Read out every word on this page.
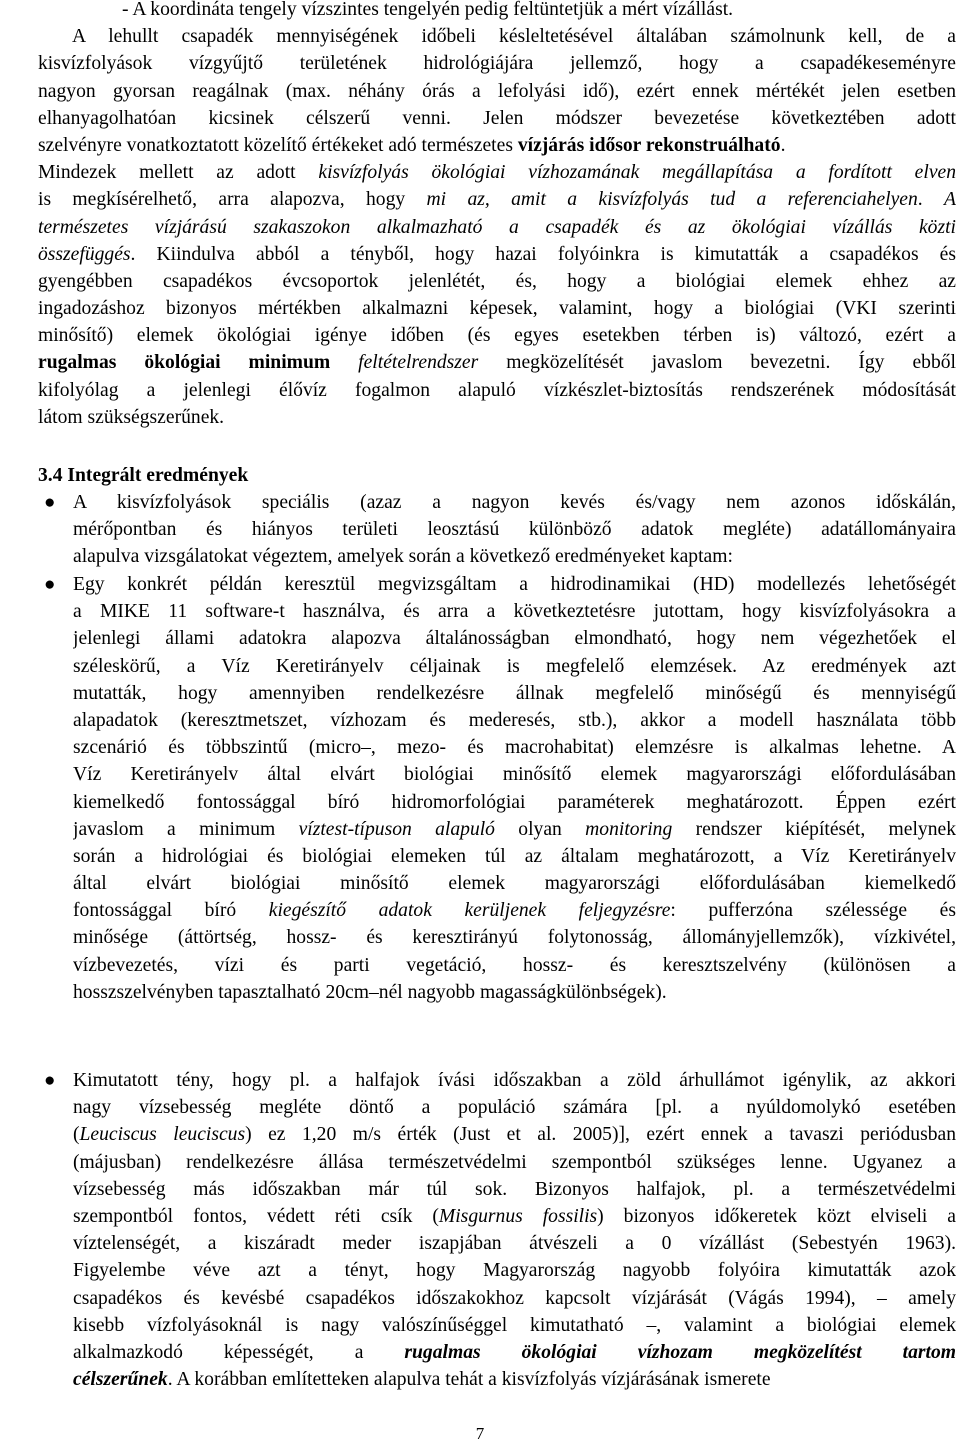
- A koordináta tengely vízszintes tengelyén pedig feltüntetjük a mért vízállást.
A lehullt csapadék mennyiségének időbeli késleltetésével általában számolnunk kell, de a
kisvízfolyások vízgyűjtő területének hidrológiájára jellemző, hogy a csapadékeseményre
nagyon gyorsan reagálnak (max. néhány órás a lefolyási idő), ezért ennek mértékét jelen esetben
elhanyagolhatóan kicsinek célszerű venni. Jelen módszer bevezetése következtében adott
szelvényre vonatkoztatott közelítő értékeket adó természetes vízjárás idősor rekonstruálható.
Mindezek mellett az adott kisvízfolyás ökológiai vízhozamának megállapítása a fordított elven
is megkísérelhető, arra alapozva, hogy mi az, amit a kisvízfolyás tud a referenciahelyen. A
természetes vízjárású szakaszokon alkalmazható a csapadék és az ökológiai vízállás közti
összefüggés. Kiindulva abból a tényből, hogy hazai folyóinkra is kimutatták a csapadékos és
gyengébben csapadékos évcsoportok jelenlétét, és, hogy a biológiai elemek ehhez az
ingadozáshoz bizonyos mértékben alkalmazni képesek, valamint, hogy a biológiai (VKI szerinti
minősítő) elemek ökológiai igénye időben (és egyes esetekben térben is) változó, ezért a
rugalmas ökológiai minimum feltételrendszer megközelítését javaslom bevezetni. Így ebből
kifolyólag a jelenlegi élővíz fogalmon alapuló vízkészlet-biztosítás rendszerének módosítását
látom szükségszerűnek.
3.4 Integrált eredmények
● A kisvízfolyások speciális (azaz a nagyon kevés és/vagy nem azonos időskálán,
mérőpontban és hiányos területi leosztású különböző adatok megléte) adatállományaira
alapulva vizsgálatokat végeztem, amelyek során a következő eredményeket kaptam:
● Egy konkrét példán keresztül megvizsgáltam a hidrodinamikai (HD) modellezés lehetőségét
a MIKE 11 software-t használva, és arra a következtetésre jutottam, hogy kisvízfolyásokra a
jelenlegi állami adatokra alapozva általánosságban elmondható, hogy nem végezhetőek el
széleskörű, a Víz Keretirányelv céljainak is megfelelő elemzések. Az eredmények azt
mutatták, hogy amennyiben rendelkezésre állnak megfelelő minőségű és mennyiségű
alapadatok (keresztmetszet, vízhozam és mederesés, stb.), akkor a modell használata több
szcenárió és többszintű (micro–, mezo- és macrohabitat) elemzésre is alkalmas lehetne. A
Víz Keretirányelv által elvárt biológiai minősítő elemek magyarországi előfordulásában
kiemelkedő fontossággal bíró hidromorfológiai paraméterek meghatározott. Éppen ezért
javaslom a minimum víztest-típuson alapuló olyan monitoring rendszer kiépítését, melynek
során a hidrológiai és biológiai elemeken túl az általam meghatározott, a Víz Keretirányelv
által elvárt biológiai minősítő elemek magyarországi előfordulásában kiemelkedő
fontossággal bíró kiegészítő adatok kerüljenek feljegyzésre: pufferzóna szélessége és
minősége (áttörtség, hossz- és keresztirányú folytonosság, állományjellemzők), vízkivétel,
vízbevezetés, vízi és parti vegetáció, hossz- és keresztszelvény (különösen a
hosszszelvényben tapasztalható 20cm–nél nagyobb magasságkülönbségek).
● Kimutatott tény, hogy pl. a halfajok ívási időszakban a zöld árhullámot igénylik, az akkori
nagy vízsebesség megléte döntő a populáció számára [pl. a nyúldomolykó esetében
(Leuciscus leuciscus) ez 1,20 m/s érték (Just et al. 2005)], ezért ennek a tavaszi periódusban
(májusban) rendelkezésre állása természetvédelmi szempontból szükséges lenne. Ugyanez a
vízsebesség más időszakban már túl sok. Bizonyos halfajok, pl. a természetvédelmi
szempontból fontos, védett réti csík (Misgurnus fossilis) bizonyos időkeretek közt elviseli a
víztelenségét, a kiszáradt meder iszapjában átvészeli a 0 vízállást (Sebestyén 1963).
Figyelembe véve azt a tényt, hogy Magyarország nagyobb folyóira kimutatták azok
csapadékos és kevésbé csapadékos időszakokhoz kapcsolt vízjárását (Vágás 1994), – amely
kisebb vízfolyásoknál is nagy valószínűséggel kimutatható –, valamint a biológiai elemek
alkalmazkodó képességét, a rugalmas ökológiai vízhozam megközelítést tartom
célszerűnek. A korábban említetteken alapulva tehát a kisvízfolyás vízjárásának ismerete
7
